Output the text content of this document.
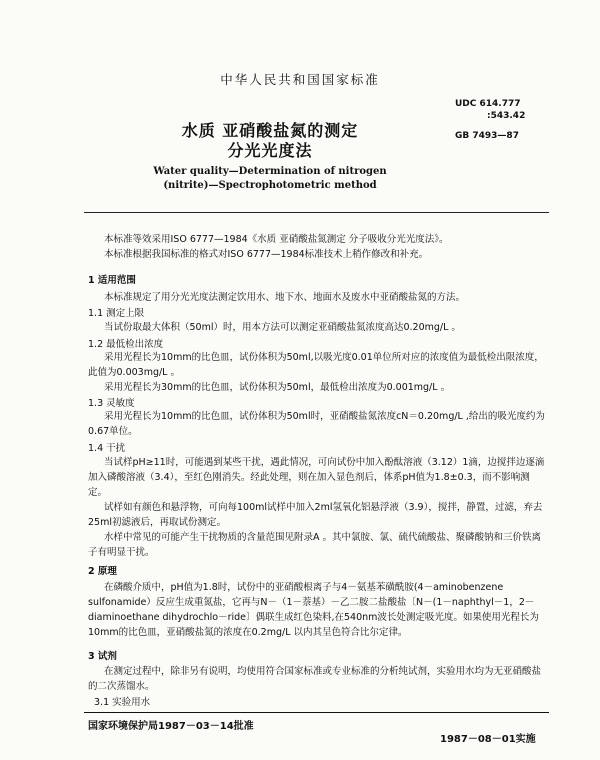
中华人民共和国国家标准
UDC 614.777
:543.42
GB 7493—87
水质 亚硝酸盐氮的测定
分光光度法
Water quality—Determination of nitrogen
(nitrite)—Spectrophotometric method

本标准等效采用ISO 6777—1984《水质 亚硝酸盐氮测定 分子吸收分光光度法》。

本标准根据我国标准的格式对ISO 6777—1984标准技术上稍作修改和补充。

1 适用范围

本标准规定了用分光光度法测定饮用水、地下水、地面水及废水中亚硝酸盐氮的方法。

1.1 测定上限

当试份取最大体积（50ml）时，用本方法可以测定亚硝酸盐氮浓度高达0.20mg/L 。

1.2 最低检出浓度

采用光程长为10mm的比色皿，试份体积为50ml,以吸光度0.01单位所对应的浓度值为最低检出限浓度，此值为0.003mg/L 。

采用光程长为30mm的比色皿，试份体积为50ml，最低检出浓度为0.001mg/L 。

1.3 灵敏度

采用光程长为10mm的比色皿，试份体积为50ml时，亚硝酸盐氮浓度cN＝0.20mg/L ,给出的吸光度约为0.67单位。

1.4 干扰

当试样pH≥11时，可能遇到某些干扰，遇此情况，可向试份中加入酚酞溶液（3.12）1滴，边搅拌边逐滴加入磷酸溶液（3.4），至红色刚消失。经此处理，则在加入显色剂后，体系pH值为1.8±0.3，而不影响测定。

试样如有颜色和悬浮物，可向每100ml试样中加入2ml氢氧化铝悬浮液（3.9），搅拌，静置，过滤，弃去25ml初滤液后，再取试份测定。

水样中常见的可能产生干扰物质的含量范围见附录A 。其中氯胺、氯、硫代硫酸盐、聚磷酸钠和三价铁离子有明显干扰。

2 原理

在磷酸介质中，pH值为1.8时，试份中的亚硝酸根离子与4－氨基苯磺酰胺(4－aminobenzene sulfonamide）反应生成重氮盐，它再与N－（1－萘基）－乙二胺二盐酸盐〔N－(1－naphthyl－1，2－diaminoethane dihydrochlo－ride〕偶联生成红色染料,在540nm波长处测定吸光度。如果使用光程长为10mm的比色皿，亚硝酸盐氮的浓度在0.2mg/L 以内其呈色符合比尔定律。

3 试剂

在测定过程中，除非另有说明，均使用符合国家标准或专业标准的分析纯试剂，实验用水均为无亚硝酸盐的二次蒸馏水。

3.1 实验用水
国家环境保护局1987－03－14批准
1987－08－01实施
